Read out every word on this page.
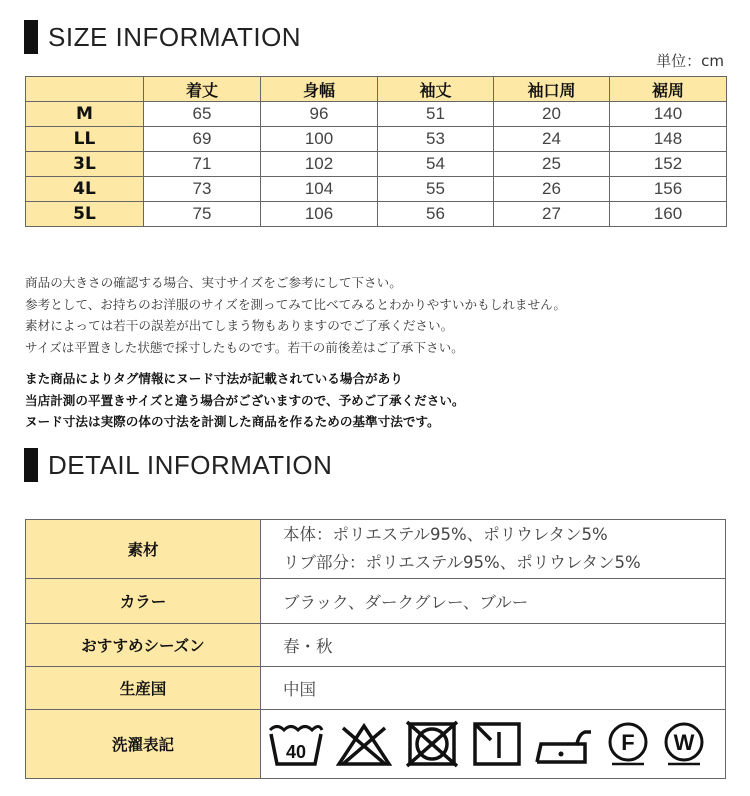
SIZE INFORMATION
単位：cm
	着丈	身幅	袖丈	袖口周	裾周
M	65	96	51	20	140
LL	69	100	53	24	148
3L	71	102	54	25	152
4L	73	104	55	26	156
5L	75	106	56	27	160
商品の大きさの確認する場合、実寸サイズをご参考にして下さい。
参考として、お持ちのお洋服のサイズを測ってみて比べてみるとわかりやすいかもしれません。
素材によっては若干の誤差が出てしまう物もありますのでご了承ください。
サイズは平置きした状態で採寸したものです。若干の前後差はご了承下さい。
また商品によりタグ情報にヌード寸法が記載されている場合があり
当店計測の平置きサイズと違う場合がございますので、予めご了承ください。
ヌード寸法は実際の体の寸法を計測した商品を作るための基準寸法です。
DETAIL INFORMATION
素材	本体：ポリエステル95%、ポリウレタン5%
リブ部分：ポリエステル95%、ポリウレタン5%

カラー	ブラック、ダークグレー、ブルー
おすすめシーズン	春・秋
生産国	中国
洗濯表記	40 F W
